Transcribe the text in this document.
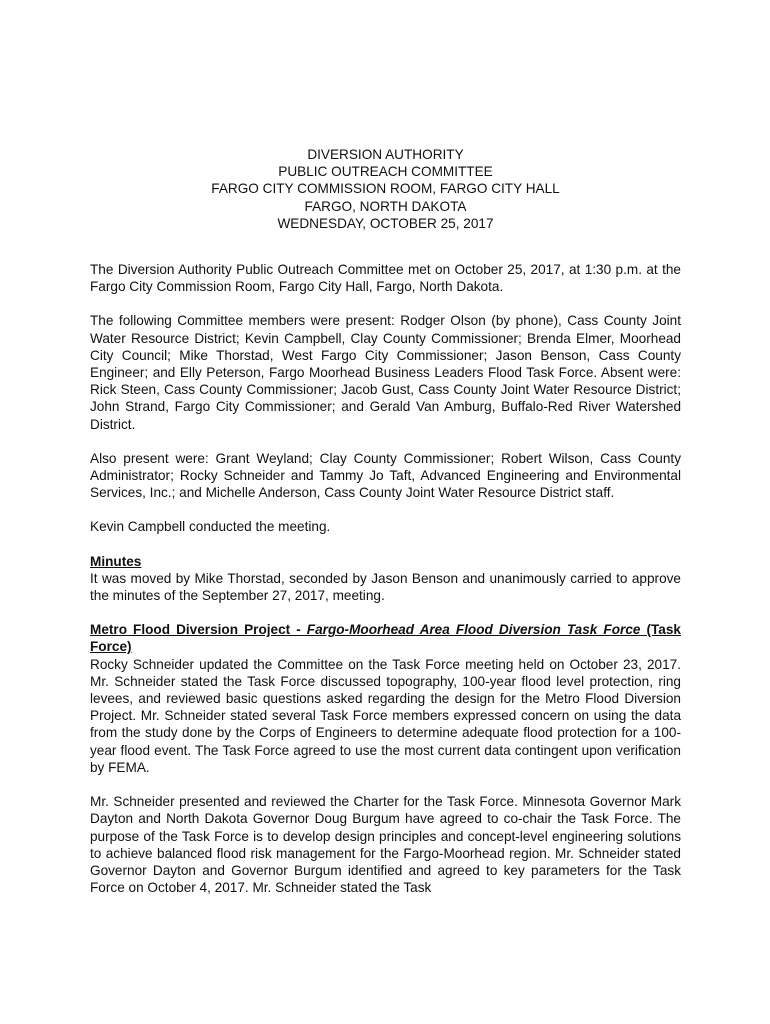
DIVERSION AUTHORITY
PUBLIC OUTREACH COMMITTEE
FARGO CITY COMMISSION ROOM, FARGO CITY HALL
FARGO, NORTH DAKOTA
WEDNESDAY, OCTOBER 25, 2017

The Diversion Authority Public Outreach Committee met on October 25, 2017, at 1:30 p.m. at the Fargo City Commission Room, Fargo City Hall, Fargo, North Dakota.

The following Committee members were present: Rodger Olson (by phone), Cass County Joint Water Resource District; Kevin Campbell, Clay County Commissioner; Brenda Elmer, Moorhead City Council; Mike Thorstad, West Fargo City Commissioner; Jason Benson, Cass County Engineer; and Elly Peterson, Fargo Moorhead Business Leaders Flood Task Force. Absent were: Rick Steen, Cass County Commissioner; Jacob Gust, Cass County Joint Water Resource District; John Strand, Fargo City Commissioner; and Gerald Van Amburg, Buffalo-Red River Watershed District.

Also present were: Grant Weyland; Clay County Commissioner; Robert Wilson, Cass County Administrator; Rocky Schneider and Tammy Jo Taft, Advanced Engineering and Environmental Services, Inc.; and Michelle Anderson, Cass County Joint Water Resource District staff.

Kevin Campbell conducted the meeting.

Minutes

It was moved by Mike Thorstad, seconded by Jason Benson and unanimously carried to approve the minutes of the September 27, 2017, meeting.

Metro Flood Diversion Project - Fargo-Moorhead Area Flood Diversion Task Force (Task Force)

Rocky Schneider updated the Committee on the Task Force meeting held on October 23, 2017. Mr. Schneider stated the Task Force discussed topography, 100-year flood level protection, ring levees, and reviewed basic questions asked regarding the design for the Metro Flood Diversion Project. Mr. Schneider stated several Task Force members expressed concern on using the data from the study done by the Corps of Engineers to determine adequate flood protection for a 100-year flood event. The Task Force agreed to use the most current data contingent upon verification by FEMA.

Mr. Schneider presented and reviewed the Charter for the Task Force. Minnesota Governor Mark Dayton and North Dakota Governor Doug Burgum have agreed to co-chair the Task Force. The purpose of the Task Force is to develop design principles and concept-level engineering solutions to achieve balanced flood risk management for the Fargo-Moorhead region. Mr. Schneider stated Governor Dayton and Governor Burgum identified and agreed to key parameters for the Task Force on October 4, 2017. Mr. Schneider stated the Task
